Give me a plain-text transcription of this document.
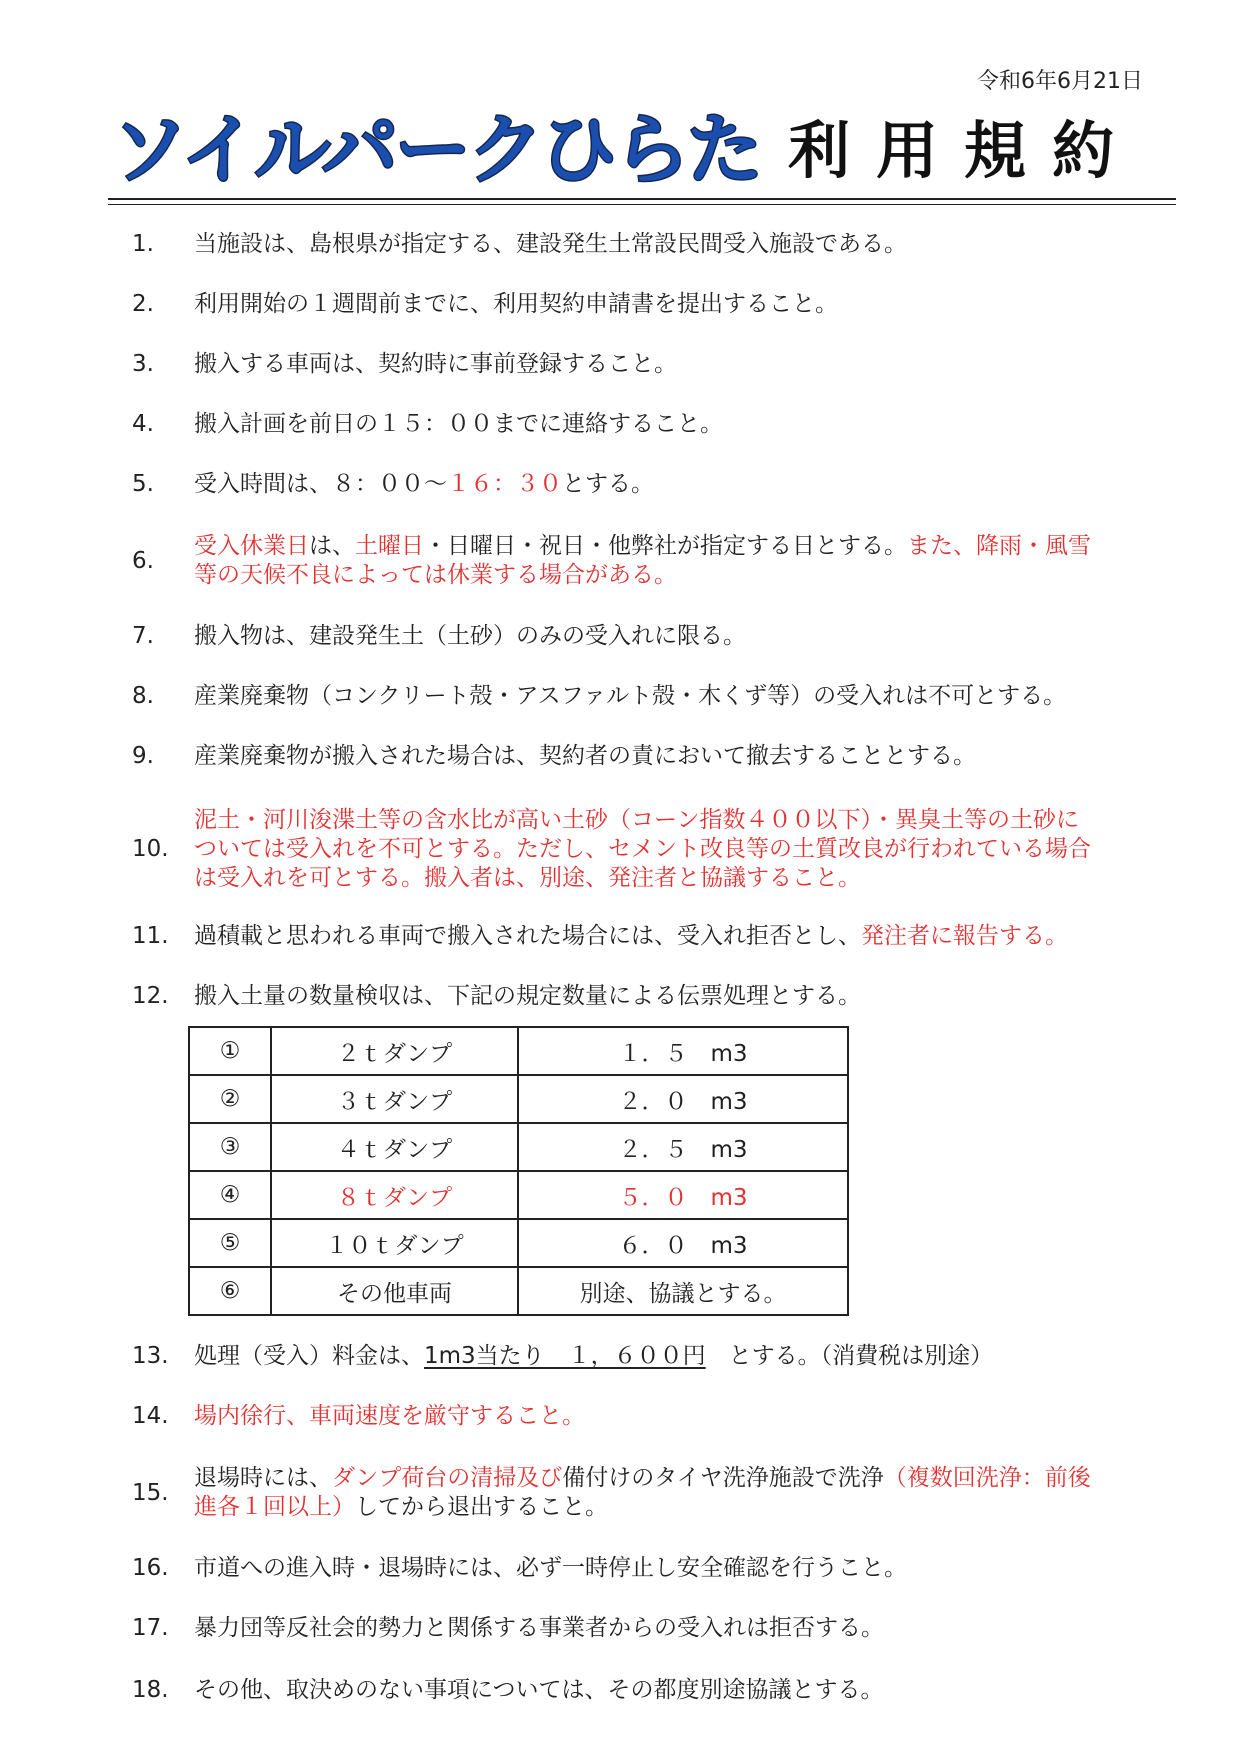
令和6年6月21日
ソイルパークひらた 利用規約
1.	当施設は、島根県が指定する、建設発生土常設民間受入施設である。
2.	利用開始の１週間前までに、利用契約申請書を提出すること。
3.	搬入する車両は、契約時に事前登録すること。
4.	搬入計画を前日の１５：００までに連絡すること。
5.	受入時間は、８：００～１６：３０とする。
6.
受入休業日は、土曜日・日曜日・祝日・他弊社が指定する日とする。また、降雨・風雪
等の天候不良によっては休業する場合がある。
7.	搬入物は、建設発生土（土砂）のみの受入れに限る。
8.	産業廃棄物（コンクリート殻・アスファルト殻・木くず等）の受入れは不可とする。
9.	産業廃棄物が搬入された場合は、契約者の責において撤去することとする。
10.
泥土・河川浚渫土等の含水比が高い土砂（コーン指数４００以下）・異臭土等の土砂に
ついては受入れを不可とする。ただし、セメント改良等の土質改良が行われている場合
は受入れを可とする。搬入者は、別途、発注者と協議すること。
11. 過積載と思われる車両で搬入された場合には、受入れ拒否とし、発注者に報告する。
12. 搬入土量の数量検収は、下記の規定数量による伝票処理とする。
13. 処理（受入）料金は、1m3当たり　１，６００円　とする。（消費税は別途）
14. 場内徐行、車両速度を厳守すること。
15.
退場時には、ダンプ荷台の清掃及び備付けのタイヤ洗浄施設で洗浄（複数回洗浄：前後
進各１回以上）してから退出すること。
16. 市道への進入時・退場時には、必ず一時停止し安全確認を行うこと。
17. 暴力団等反社会的勢力と関係する事業者からの受入れは拒否する。
18. その他、取決めのない事項については、その都度別途協議とする。
①	２ｔダンプ	１．５　m3
②	３ｔダンプ	２．０　m3
③	４ｔダンプ	２．５　m3
④	８ｔダンプ	５．０　m3
⑤	１０ｔダンプ	６．０　m3
⑥	その他車両	別途、協議とする。
